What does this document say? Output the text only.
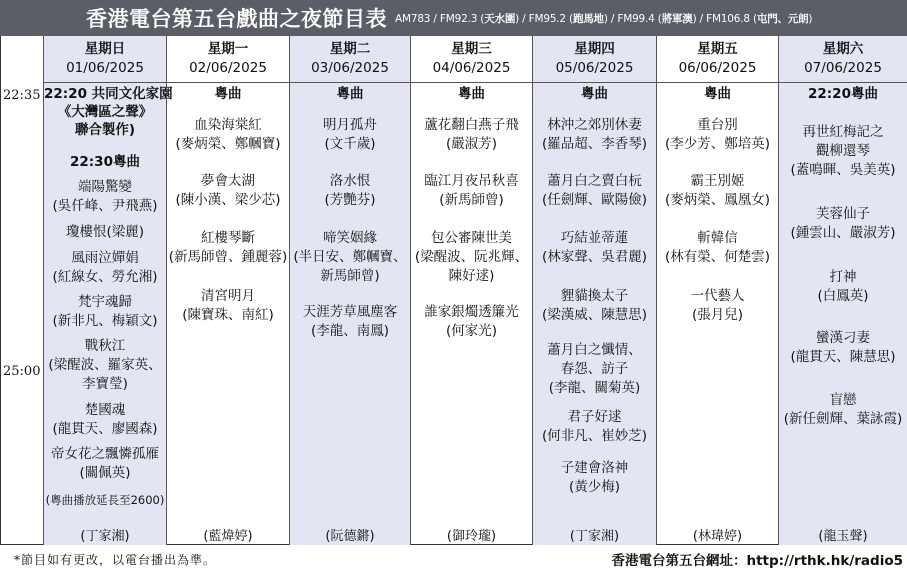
香港電台第五台戲曲之夜節目表 AM783 / FM92.3 (天水圍) / FM95.2 (跑馬地) / FM99.4 (將軍澳) / FM106.8 (屯門、元朗)
22:35
25:00
星期日
01/06/2025
22:20 共同文化家園
《大灣區之聲》
聯合製作)
22:30粵曲
端陽驚變
(吳仟峰、尹飛燕)
瓊樓恨(梁麗)
風雨泣嬋娟
(紅線女、勞允湘)
梵宇魂歸
(新非凡、梅穎文)
戰秋江
(梁醒波、羅家英、
李寶瑩)
楚國魂
(龍貫天、廖國森)
帝女花之飄憐孤雁
(關佩英)
(粵曲播放延長至2600)
(丁家湘)
星期一
02/06/2025
粵曲
血染海棠紅
(麥炳榮、鄭幗寶)
夢會太湖
(陳小漢、梁少芯)
紅樓琴斷
(新馬師曾、鍾麗蓉)
清宮明月
(陳寶珠、南紅)
(藍煒婷)
星期二
03/06/2025
粵曲
明月孤舟
(文千歲)
洛水恨
(芳艷芬)
啼笑姻緣
(半日安、鄭幗寶、
新馬師曾)
天涯芳草風塵客
(李龍、南鳳)
(阮德鏘)
星期三
04/06/2025
粵曲
蘆花翻白燕子飛
(嚴淑芳)
臨江月夜吊秋喜
(新馬師曾)
包公審陳世美
(梁醒波、阮兆輝、
陳好逑)
誰家銀燭透簾光
(何家光)
(御玲瓏)
星期四
05/06/2025
粵曲
林沖之郊別休妻
(羅品超、李香琴)
蕭月白之賣白杬
(任劍輝、歐陽儉)
巧結並蒂蓮
(林家聲、吳君麗)
貍貓換太子
(梁漢威、陳慧思)
蕭月白之懺情、
春怨、訪子
(李龍、關菊英)
君子好逑
(何非凡、崔妙芝)
子建會洛神
(黃少梅)
(丁家湘)
星期五
06/06/2025
粵曲
重台別
(李少芳、鄭培英)
霸王別姬
(麥炳榮、鳳凰女)
斬韓信
(林有榮、何楚雲)
一代藝人
(張月兒)
(林瑋婷)
星期六
07/06/2025
22:20粵曲
再世紅梅記之
觀柳還琴
(蓋鳴暉、吳美英)
芙蓉仙子
(鍾雲山、嚴淑芳)
打神
(白鳳英)
蠻漢刁妻
(龍貫天、陳慧思)
盲戀
(新任劍輝、葉詠霞)
(龍玉聲)
*節目如有更改，以電台播出為準。	香港電台第五台網址：http://rthk.hk/radio5
